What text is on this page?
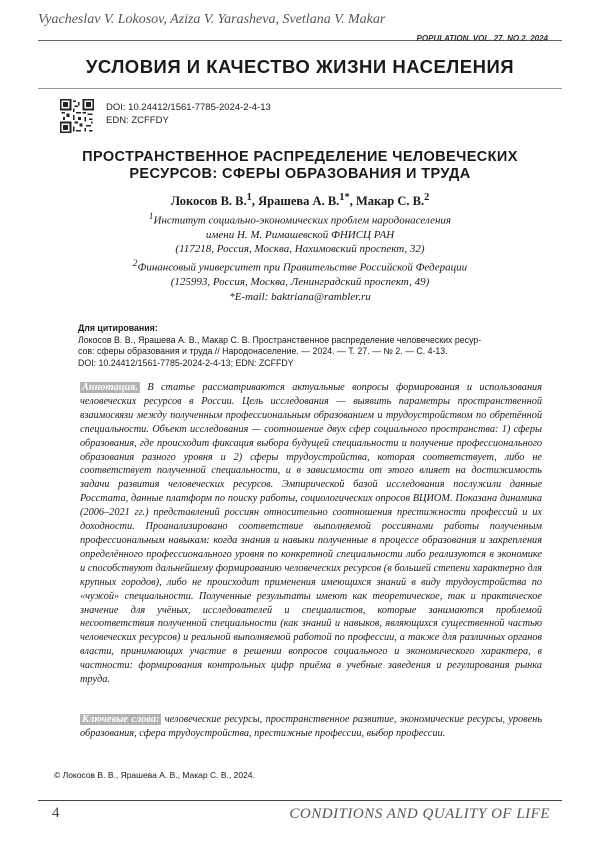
Vyacheslav V. Lokosov, Aziza V. Yarasheva, Svetlana V. Makar
POPULATION. VOL. 27. NO.2. 2024
УСЛОВИЯ И КАЧЕСТВО ЖИЗНИ НАСЕЛЕНИЯ
DOI: 10.24412/1561-7785-2024-2-4-13
EDN: ZCFFDY
ПРОСТРАНСТВЕННОЕ РАСПРЕДЕЛЕНИЕ ЧЕЛОВЕЧЕСКИХ
РЕСУРСОВ: СФЕРЫ ОБРАЗОВАНИЯ И ТРУДА
Локосов В. В.$^1$, Ярашева А. В.$^{1*}$, Макар С. В.$^2$
$^1$Институт социально-экономических проблем народонаселения
имени Н. М. Римашевской ФНИСЦ РАН
(117218, Россия, Москва, Нахимовский проспект, 32)
$^2$Финансовый университет при Правительстве Российской Федерации
(125993, Россия, Москва, Ленинградский проспект, 49)
*E-mail: baktriana@rambler.ru
Для цитирования:
Локосов В. В., Ярашева А. В., Макар С. В. Пространственное распределение человеческих ресур-
сов: сферы образования и труда // Народонаселение. — 2024. — Т. 27. — № 2. — С. 4-13.
DOI: 10.24412/1561-7785-2024-2-4-13; EDN: ZCFFDY
Аннотация. В статье рассматриваются актуальные вопросы формирования и использования человеческих ресурсов в России. Цель исследования — выявить параметры пространственной взаимосвязи между полученным профессиональным образованием и трудоустройством по обретённой специальности. Объект исследования — соотношение двух сфер социального пространства: 1) сферы образования, где происходит фиксация выбора будущей специальности и получение профессионального образования разного уровня и 2) сферы трудоустройства, которая соответствует, либо не соответствует полученной специальности, и в зависимости от этого влияет на достижимость задачи развития человеческих ресурсов. Эмпирической базой исследования послужили данные Росстата, данные платформ по поиску работы, социологических опросов ВЦИОМ. Показана динамика (2006–2021 гг.) представлений россиян относительно соотношения престижности профессий и их доходности. Проанализировано соответствие выполняемой россиянами работы полученным профессиональным навыкам: когда знания и навыки полученные в процессе образования и закрепления определённого профессионального уровня по конкретной специальности либо реализуются в экономике и способствуют дальнейшему формированию человеческих ресурсов (в большей степени характерно для крупных городов), либо не происходит применения имеющихся знаний в виду трудоустройства по «чужой» специальности. Полученные результаты имеют как теоретическое, так и практическое значение для учёных, исследователей и специалистов, которые занимаются проблемой несоответствия полученной специальности (как знаний и навыков, являющихся существенной частью человеческих ресурсов) и реальной выполняемой работой по профессии, а также для различных органов власти, принимающих участие в решении вопросов социального и экономического характера, в частности: формирования контрольных цифр приёма в учебные заведения и регулирования рынка труда.
Ключевые слова: человеческие ресурсы, пространственное развитие, экономические ресурсы, уровень образования, сфера трудоустройства, престижные профессии, выбор профессии.
© Локосов В. В., Ярашева А. В., Макар С. В., 2024.
4	CONDITIONS AND QUALITY OF LIFE
